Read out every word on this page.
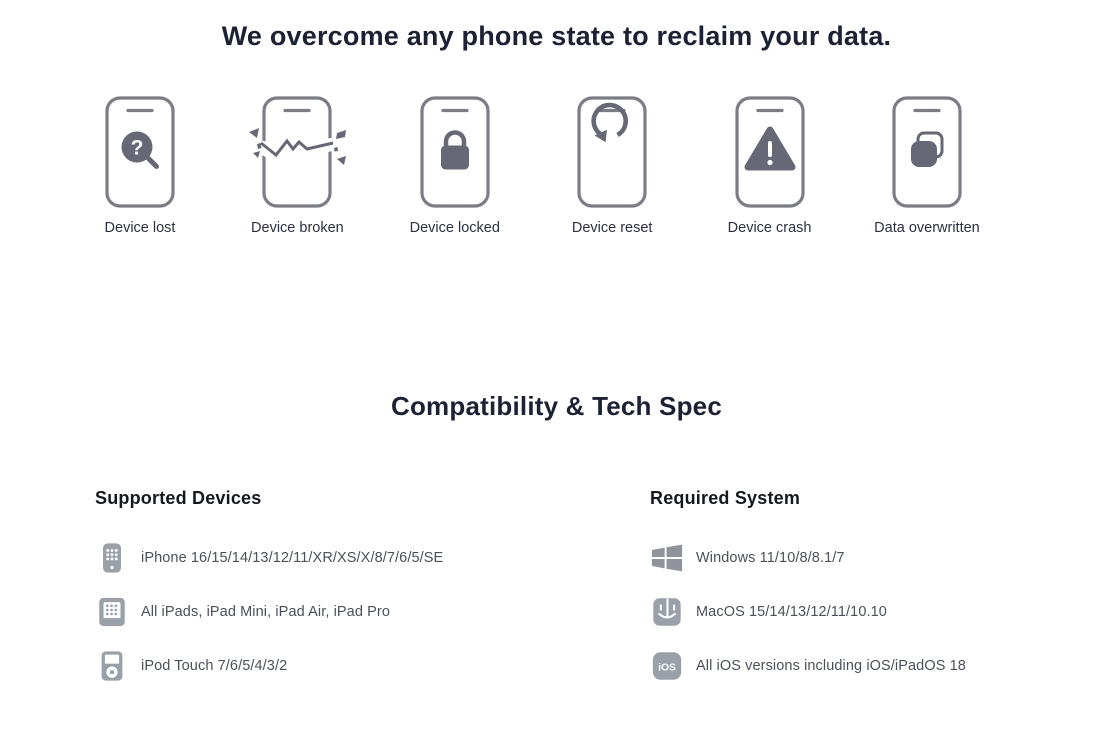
We overcome any phone state to reclaim your data.
?
Device lost	Device broken	Device locked	Device reset	Device crash	Data overwritten
Compatibility & Tech Spec
Supported Devices
iPhone 16/15/14/13/12/11/XR/XS/X/8/7/6/5/SE
All iPads, iPad Mini, iPad Air, iPad Pro
iPod Touch 7/6/5/4/3/2
Required System
Windows 11/10/8/8.1/7
MacOS 15/14/13/12/11/10.10
iOS All iOS versions including iOS/iPadOS 18
